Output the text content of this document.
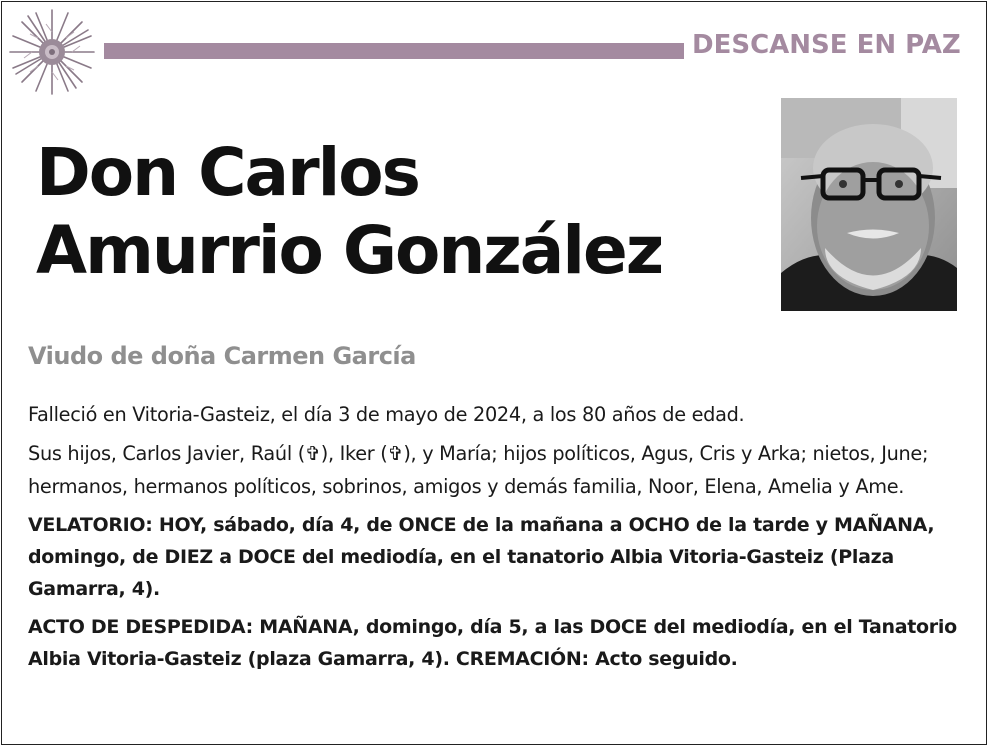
DESCANSE EN PAZ
Don Carlos
Amurrio González
Viudo de doña Carmen García

Falleció en Vitoria-Gasteiz, el día 3 de mayo de 2024, a los 80 años de edad.

Sus hijos, Carlos Javier, Raúl (✞), Iker (✞), y María; hijos políticos, Agus, Cris y Arka; nietos, June; hermanos, hermanos políticos, sobrinos, amigos y demás familia, Noor, Elena, Amelia y Ame.

VELATORIO: HOY, sábado, día 4, de ONCE de la mañana a OCHO de la tarde y MAÑANA, domingo, de DIEZ a DOCE del mediodía, en el tanatorio Albia Vitoria-Gasteiz (Plaza Gamarra, 4).

ACTO DE DESPEDIDA: MAÑANA, domingo, día 5, a las DOCE del mediodía, en el Tanatorio Albia Vitoria-Gasteiz (plaza Gamarra, 4). CREMACIÓN: Acto seguido.
